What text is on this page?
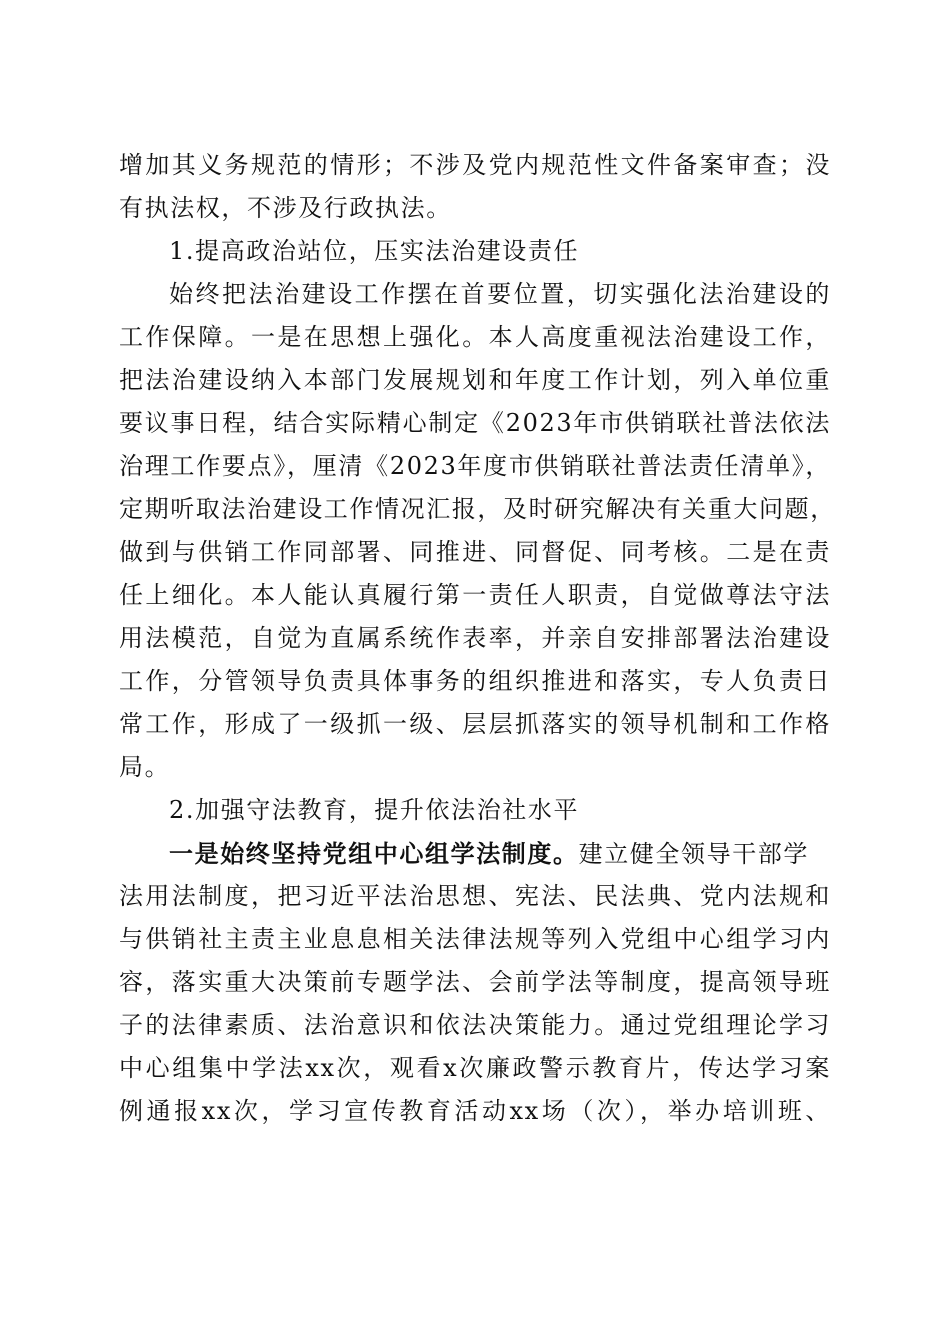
增加其义务规范的情形；不涉及党内规范性文件备案审查；没
有执法权，不涉及行政执法。
1.提高政治站位，压实法治建设责任
始终把法治建设工作摆在首要位置，切实强化法治建设的
工作保障。一是在思想上强化。本人高度重视法治建设工作，
把法治建设纳入本部门发展规划和年度工作计划，列入单位重
要议事日程，结合实际精心制定《2023年市供销联社普法依法
治理工作要点》，厘清《2023年度市供销联社普法责任清单》，
定期听取法治建设工作情况汇报，及时研究解决有关重大问题，
做到与供销工作同部署、同推进、同督促、同考核。二是在责
任上细化。本人能认真履行第一责任人职责，自觉做尊法守法
用法模范，自觉为直属系统作表率，并亲自安排部署法治建设
工作，分管领导负责具体事务的组织推进和落实，专人负责日
常工作，形成了一级抓一级、层层抓落实的领导机制和工作格
局。
2.加强守法教育，提升依法治社水平
一是始终坚持党组中心组学法制度。建立健全领导干部学
法用法制度，把习近平法治思想、宪法、民法典、党内法规和
与供销社主责主业息息相关法律法规等列入党组中心组学习内
容，落实重大决策前专题学法、会前学法等制度，提高领导班
子的法律素质、法治意识和依法决策能力。通过党组理论学习
中心组集中学法xx次，观看x次廉政警示教育片，传达学习案
例通报xx次，学习宣传教育活动xx场（次），举办培训班、
